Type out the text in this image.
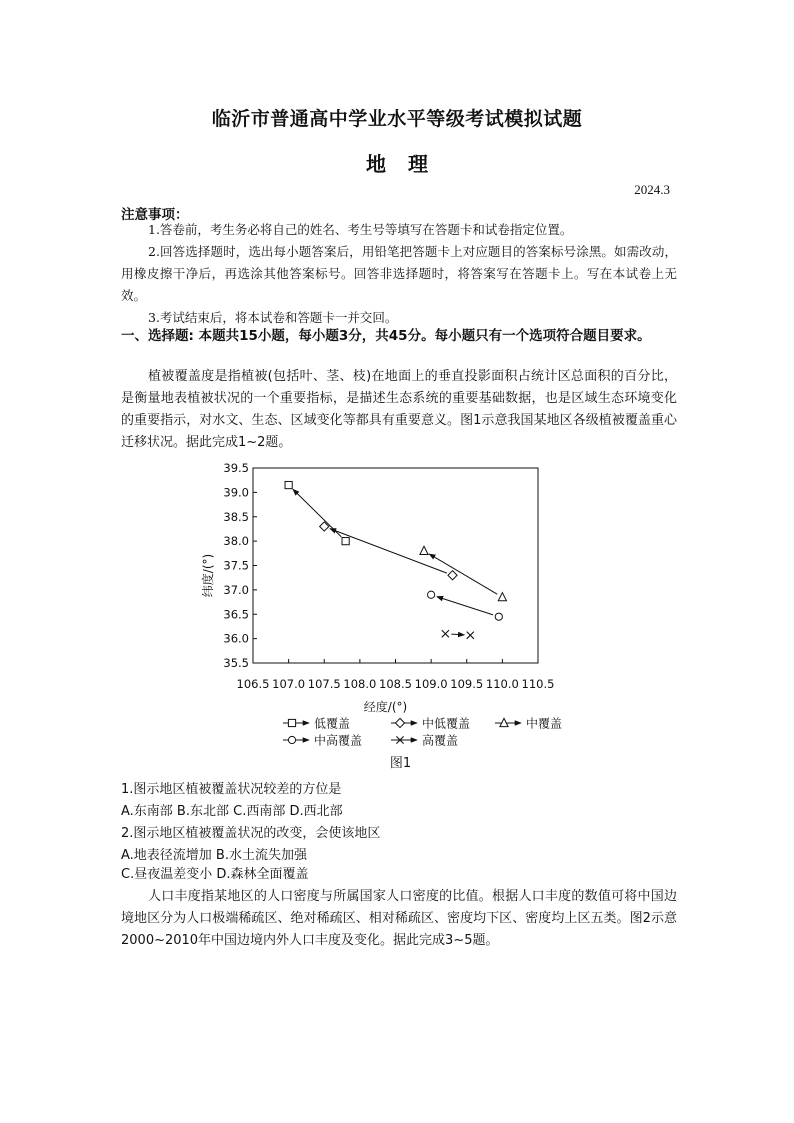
临沂市普通高中学业水平等级考试模拟试题
地理
2024.3
注意事项：
1.答卷前，考生务必将自己的姓名、考生号等填写在答题卡和试卷指定位置。
2.回答选择题时，选出每小题答案后，用铅笔把答题卡上对应题目的答案标号涂黑。如需改动，用橡皮擦干净后，再选涂其他答案标号。回答非选择题时，将答案写在答题卡上。写在本试卷上无效。
3.考试结束后，将本试卷和答题卡一并交回。
一、选择题: 本题共15小题，每小题3分，共45分。每小题只有一个选项符合题目要求。
植被覆盖度是指植被(包括叶、茎、枝)在地面上的垂直投影面积占统计区总面积的百分比，是衡量地表植被状况的一个重要指标，是描述生态系统的重要基础数据，也是区域生态环境变化的重要指示，对水文、生态、区域变化等都具有重要意义。图1示意我国某地区各级植被覆盖重心迁移状况。据此完成1~2题。
106.5 107.0 107.5 108.0 108.5 109.0 109.5 110.0 110.5
35.5
36.0
36.5
37.0
37.5
38.0
38.5
39.0
39.5
经度/(°)
纬度/(°)
低覆盖	中低覆盖	中覆盖
中高覆盖	高覆盖
图1
1.图示地区植被覆盖状况较差的方位是
A.东南部 B.东北部 C.西南部 D.西北部
2.图示地区植被覆盖状况的改变，会使该地区
A.地表径流增加 B.水土流失加强
C.昼夜温差变小 D.森林全面覆盖
人口丰度指某地区的人口密度与所属国家人口密度的比值。根据人口丰度的数值可将中国边境地区分为人口极端稀疏区、绝对稀疏区、相对稀疏区、密度均下区、密度均上区五类。图2示意2000~2010年中国边境内外人口丰度及变化。据此完成3~5题。
